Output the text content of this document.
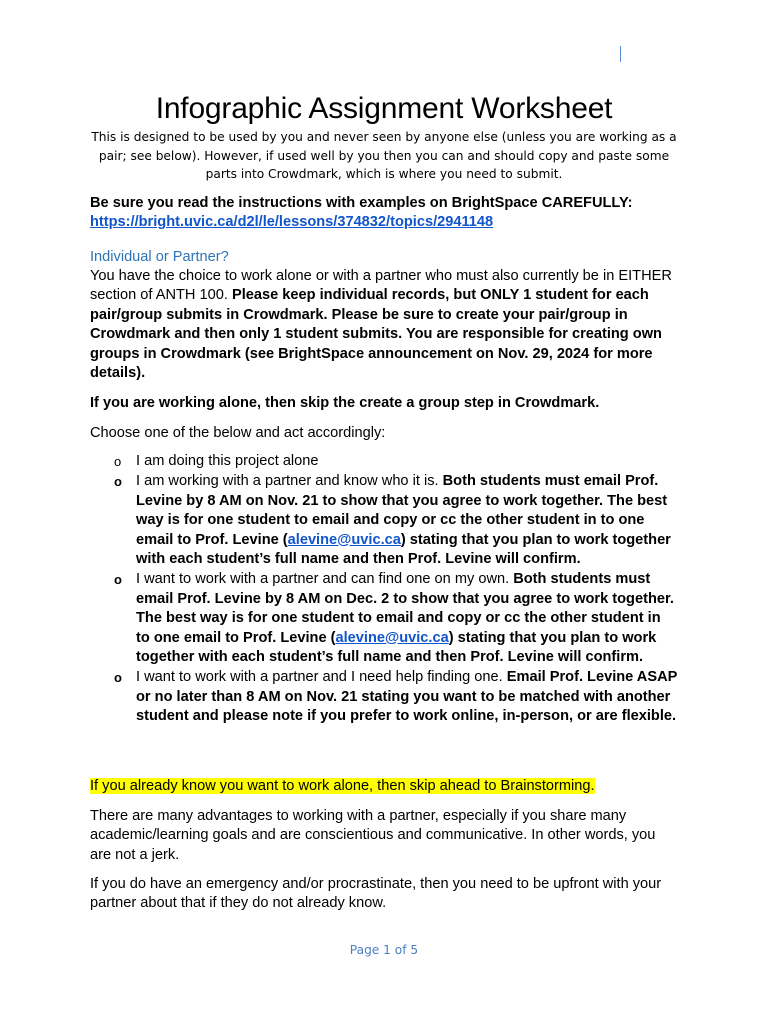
Infographic Assignment Worksheet

This is designed to be used by you and never seen by anyone else (unless you are working as a pair; see below). However, if used well by you then you can and should copy and paste some parts into Crowdmark, which is where you need to submit.

Be sure you read the instructions with examples on BrightSpace CAREFULLY:
https://bright.uvic.ca/d2l/le/lessons/374832/topics/2941148

Individual or Partner?

You have the choice to work alone or with a partner who must also currently be in EITHER section of ANTH 100. Please keep individual records, but ONLY 1 student for each pair/group submits in Crowdmark. Please be sure to create your pair/group in Crowdmark and then only 1 student submits. You are responsible for creating own groups in Crowdmark (see BrightSpace announcement on Nov. 29, 2024 for more details).

If you are working alone, then skip the create a group step in Crowdmark.

Choose one of the below and act accordingly:

o I am doing this project alone
o I am working with a partner and know who it is. Both students must email Prof. Levine by 8 AM on Nov. 21 to show that you agree to work together. The best way is for one student to email and copy or cc the other student in to one email to Prof. Levine (alevine@uvic.ca) stating that you plan to work together with each student’s full name and then Prof. Levine will confirm.
o I want to work with a partner and can find one on my own. Both students must email Prof. Levine by 8 AM on Dec. 2 to show that you agree to work together. The best way is for one student to email and copy or cc the other student in to one email to Prof. Levine (alevine@uvic.ca) stating that you plan to work together with each student’s full name and then Prof. Levine will confirm.
o I want to work with a partner and I need help finding one. Email Prof. Levine ASAP or no later than 8 AM on Nov. 21 stating you want to be matched with another student and please note if you prefer to work online, in-person, or are flexible.

If you already know you want to work alone, then skip ahead to Brainstorming.

There are many advantages to working with a partner, especially if you share many academic/learning goals and are conscientious and communicative. In other words, you are not a jerk.

If you do have an emergency and/or procrastinate, then you need to be upfront with your partner about that if they do not already know.

Page 1 of 5
